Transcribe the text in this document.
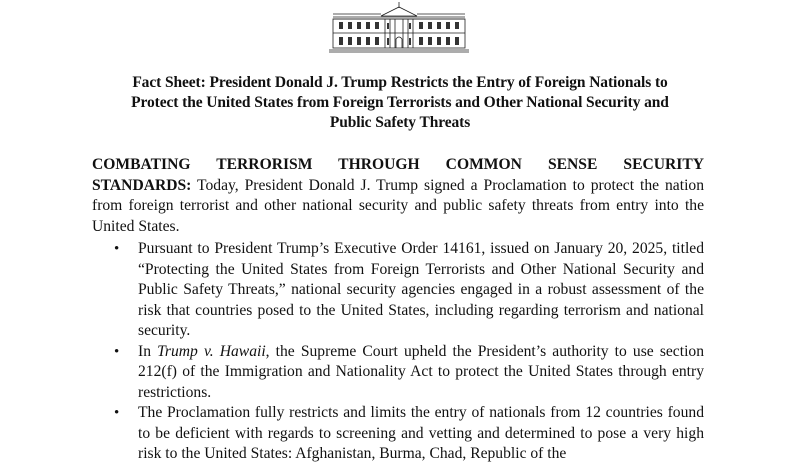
Fact Sheet: President Donald J. Trump Restricts the Entry of Foreign Nationals to
Protect the United States from Foreign Terrorists and Other National Security and
Public Safety Threats

COMBATING TERRORISM THROUGH COMMON SENSE SECURITY STANDARDS: Today, President Donald J. Trump signed a Proclamation to protect the nation from foreign terrorist and other national security and public safety threats from entry into the United States.

• Pursuant to President Trump’s Executive Order 14161, issued on January 20, 2025, titled “Protecting the United States from Foreign Terrorists and Other National Security and Public Safety Threats,” national security agencies engaged in a robust assessment of the risk that countries posed to the United States, including regarding terrorism and national security.
• In Trump v. Hawaii, the Supreme Court upheld the President’s authority to use section 212(f) of the Immigration and Nationality Act to protect the United States through entry restrictions.
• The Proclamation fully restricts and limits the entry of nationals from 12 countries found to be deficient with regards to screening and vetting and determined to pose a very high risk to the United States: Afghanistan, Burma, Chad, Republic of the
